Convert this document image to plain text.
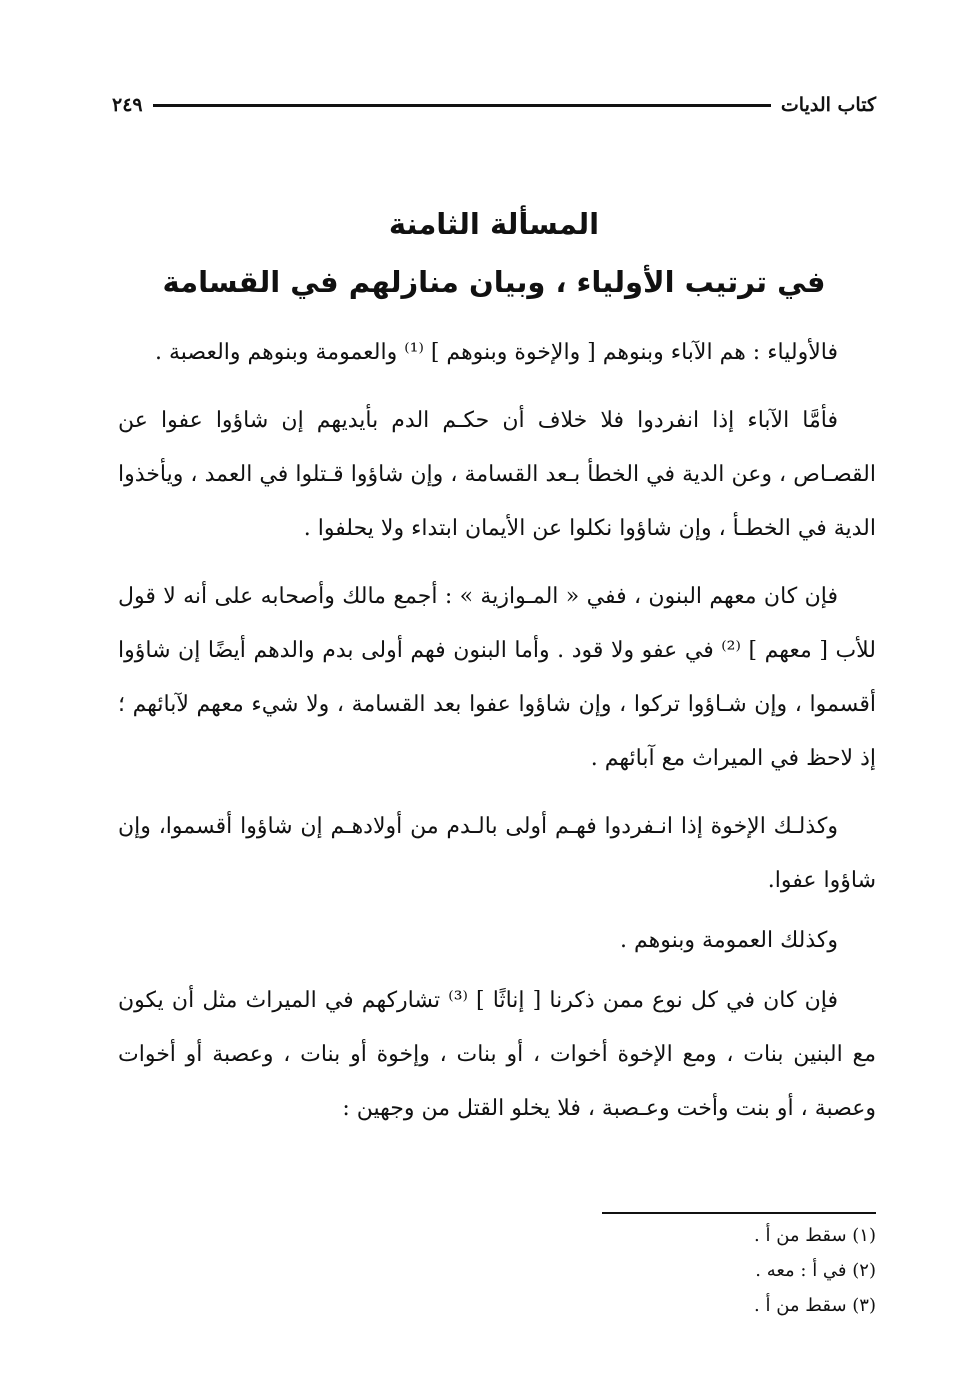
كتاب الديات
٢٤٩
المسألة الثامنة
في ترتيب الأولياء ، وبيان منازلهم في القسامة

فالأولياء : هم الآباء وبنوهم [ والإخوة وبنوهم ] ⁽¹⁾ والعمومة وبنوهم والعصبة .

فأمَّا الآباء إذا انفردوا فلا خلاف أن حكـم الدم بأيديهم إن شاؤوا عفوا عن القصـاص ، وعن الدية في الخطأ بـعد القسامة ، وإن شاؤوا قـتلوا في العمد ، ويأخذوا الدية في الخطـأ ، وإن شاؤوا نكلوا عن الأيمان ابتداء ولا يحلفوا .

فإن كان معهم البنون ، ففي « المـوازية » : أجمع مالك وأصحابه على أنه لا قول للأب [ معهم ] ⁽²⁾ في عفو ولا قود . وأما البنون فهم أولى بدم والدهم أيضًا إن شاؤوا أقسموا ، وإن شـاؤوا تركوا ، وإن شاؤوا عفوا بعد القسامة ، ولا شيء معهم لآبائهم ؛ إذ لاحظ في الميراث مع آبائهم .

وكذلـك الإخوة إذا انـفردوا فهـم أولى بالـدم من أولادهـم إن شاؤوا أقسموا، وإن شاؤوا عفوا.

وكذلك العمومة وبنوهم .

فإن كان في كل نوع ممن ذكرنا [ إناثًا ] ⁽³⁾ تشاركهم في الميراث مثل أن يكون مع البنين بنات ، ومع الإخوة أخوات ، أو بنات ، وإخوة أو بنات ، وعصبة أو أخوات وعصبة ، أو بنت وأخت وعـصبة ، فلا يخلو القتل من وجهين :

(١) سقط من أ .
(٢) في أ : معه .
(٣) سقط من أ .
